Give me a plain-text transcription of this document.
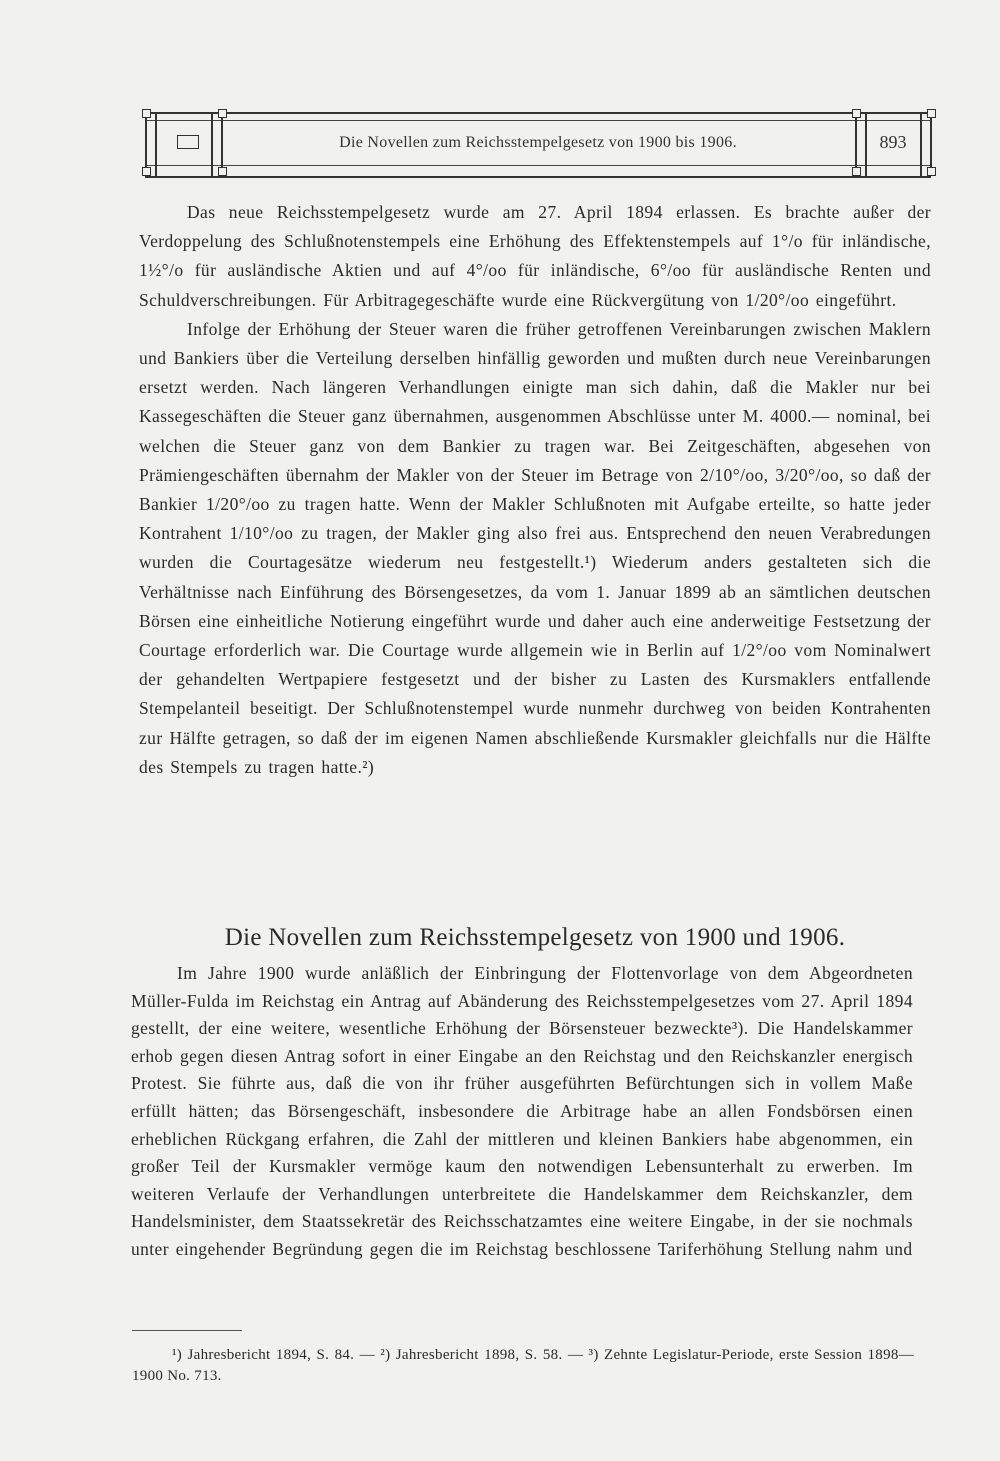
Die Novellen zum Reichsstempelgesetz von 1900 bis 1906.	893

Das neue Reichsstempelgesetz wurde am 27. April 1894 erlassen. Es brachte außer der Verdoppelung des Schlußnotenstempels eine Erhöhung des Effektenstempels auf 1°/o für inländische, 1½°/o für ausländische Aktien und auf 4°/oo für inländische, 6°/oo für ausländische Renten und Schuldverschreibungen. Für Arbitragegeschäfte wurde eine Rückvergütung von 1/20°/oo eingeführt.

Infolge der Erhöhung der Steuer waren die früher getroffenen Vereinbarungen zwischen Maklern und Bankiers über die Verteilung derselben hinfällig geworden und mußten durch neue Vereinbarungen ersetzt werden. Nach längeren Verhandlungen einigte man sich dahin, daß die Makler nur bei Kassegeschäften die Steuer ganz übernahmen, ausgenommen Abschlüsse unter M. 4000.— nominal, bei welchen die Steuer ganz von dem Bankier zu tragen war. Bei Zeitgeschäften, abgesehen von Prämiengeschäften übernahm der Makler von der Steuer im Betrage von 2/10°/oo, 3/20°/oo, so daß der Bankier 1/20°/oo zu tragen hatte. Wenn der Makler Schlußnoten mit Aufgabe erteilte, so hatte jeder Kontrahent 1/10°/oo zu tragen, der Makler ging also frei aus. Entsprechend den neuen Verabredungen wurden die Courtagesätze wiederum neu festgestellt.¹) Wiederum anders gestalteten sich die Verhältnisse nach Einführung des Börsengesetzes, da vom 1. Januar 1899 ab an sämtlichen deutschen Börsen eine einheitliche Notierung eingeführt wurde und daher auch eine anderweitige Festsetzung der Courtage erforderlich war. Die Courtage wurde allgemein wie in Berlin auf 1/2°/oo vom Nominalwert der gehandelten Wertpapiere festgesetzt und der bisher zu Lasten des Kursmaklers entfallende Stempelanteil beseitigt. Der Schlußnotenstempel wurde nunmehr durchweg von beiden Kontrahenten zur Hälfte getragen, so daß der im eigenen Namen abschließende Kursmakler gleichfalls nur die Hälfte des Stempels zu tragen hatte.²)

Die Novellen zum Reichsstempelgesetz von 1900 und 1906.

Im Jahre 1900 wurde anläßlich der Einbringung der Flottenvorlage von dem Abgeordneten Müller-Fulda im Reichstag ein Antrag auf Abänderung des Reichsstempelgesetzes vom 27. April 1894 gestellt, der eine weitere, wesentliche Erhöhung der Börsensteuer bezweckte³). Die Handelskammer erhob gegen diesen Antrag sofort in einer Eingabe an den Reichstag und den Reichskanzler energisch Protest. Sie führte aus, daß die von ihr früher ausgeführten Befürchtungen sich in vollem Maße erfüllt hätten; das Börsengeschäft, insbesondere die Arbitrage habe an allen Fondsbörsen einen erheblichen Rückgang erfahren, die Zahl der mittleren und kleinen Bankiers habe abgenommen, ein großer Teil der Kursmakler vermöge kaum den notwendigen Lebensunterhalt zu erwerben. Im weiteren Verlaufe der Verhandlungen unterbreitete die Handelskammer dem Reichskanzler, dem Handelsminister, dem Staatssekretär des Reichsschatzamtes eine weitere Eingabe, in der sie nochmals unter eingehender Begründung gegen die im Reichstag beschlossene Tariferhöhung Stellung nahm und

¹) Jahresbericht 1894, S. 84. — ²) Jahresbericht 1898, S. 58. — ³) Zehnte Legislatur-Periode, erste Session 1898—1900 No. 713.
